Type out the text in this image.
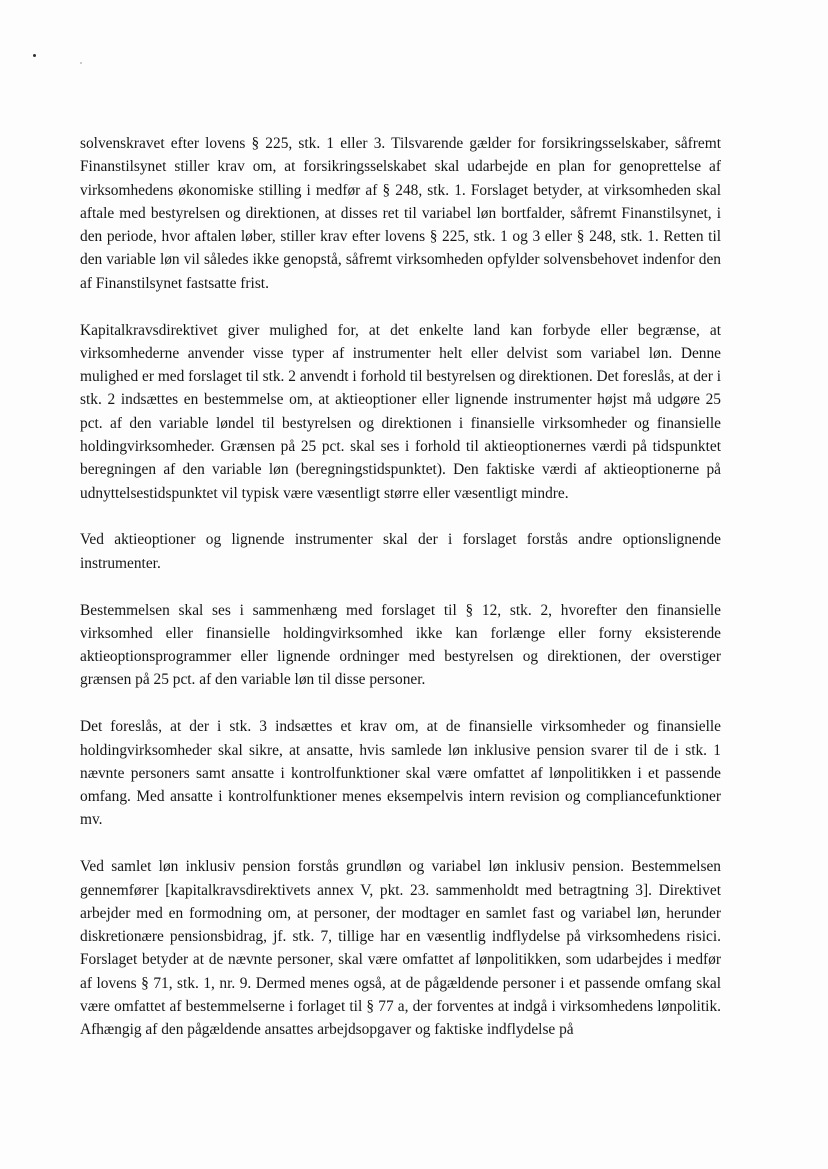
solvenskravet efter lovens § 225, stk. 1 eller 3. Tilsvarende gælder for forsikringsselskaber, såfremt Finanstilsynet stiller krav om, at forsikringsselskabet skal udarbejde en plan for genoprettelse af virksomhedens økonomiske stilling i medfør af § 248, stk. 1. Forslaget betyder, at virksomheden skal aftale med bestyrelsen og direktionen, at disses ret til variabel løn bortfalder, såfremt Finanstilsynet, i den periode, hvor aftalen løber, stiller krav efter lovens § 225, stk. 1 og 3 eller § 248, stk. 1. Retten til den variable løn vil således ikke genopstå, såfremt virksomheden opfylder solvensbehovet indenfor den af Finanstilsynet fastsatte frist.

Kapitalkravsdirektivet giver mulighed for, at det enkelte land kan forbyde eller begrænse, at virksomhederne anvender visse typer af instrumenter helt eller delvist som variabel løn. Denne mulighed er med forslaget til stk. 2 anvendt i forhold til bestyrelsen og direktionen. Det foreslås, at der i stk. 2 indsættes en bestemmelse om, at aktieoptioner eller lignende instrumenter højst må udgøre 25 pct. af den variable løndel til bestyrelsen og direktionen i finansielle virksomheder og finansielle holdingvirksomheder. Grænsen på 25 pct. skal ses i forhold til aktieoptionernes værdi på tidspunktet beregningen af den variable løn (beregningstidspunktet). Den faktiske værdi af aktieoptionerne på udnyttelsestidspunktet vil typisk være væsentligt større eller væsentligt mindre.

Ved aktieoptioner og lignende instrumenter skal der i forslaget forstås andre optionslignende instrumenter.

Bestemmelsen skal ses i sammenhæng med forslaget til § 12, stk. 2, hvorefter den finansielle virksomhed eller finansielle holdingvirksomhed ikke kan forlænge eller forny eksisterende aktieoptionsprogrammer eller lignende ordninger med bestyrelsen og direktionen, der overstiger grænsen på 25 pct. af den variable løn til disse personer.

Det foreslås, at der i stk. 3 indsættes et krav om, at de finansielle virksomheder og finansielle holdingvirksomheder skal sikre, at ansatte, hvis samlede løn inklusive pension svarer til de i stk. 1 nævnte personers samt ansatte i kontrolfunktioner skal være omfattet af lønpolitikken i et passende omfang. Med ansatte i kontrolfunktioner menes eksempelvis intern revision og compliancefunktioner mv.

Ved samlet løn inklusiv pension forstås grundløn og variabel løn inklusiv pension. Bestemmelsen gennemfører [kapitalkravsdirektivets annex V, pkt. 23. sammenholdt med betragtning 3]. Direktivet arbejder med en formodning om, at personer, der modtager en samlet fast og variabel løn, herunder diskretionære pensionsbidrag, jf. stk. 7, tillige har en væsentlig indflydelse på virksomhedens risici. Forslaget betyder at de nævnte personer, skal være omfattet af lønpolitikken, som udarbejdes i medfør af lovens § 71, stk. 1, nr. 9. Dermed menes også, at de pågældende personer i et passende omfang skal være omfattet af bestemmelserne i forlaget til § 77 a, der forventes at indgå i virksomhedens lønpolitik. Afhængig af den pågældende ansattes arbejdsopgaver og faktiske indflydelse på
